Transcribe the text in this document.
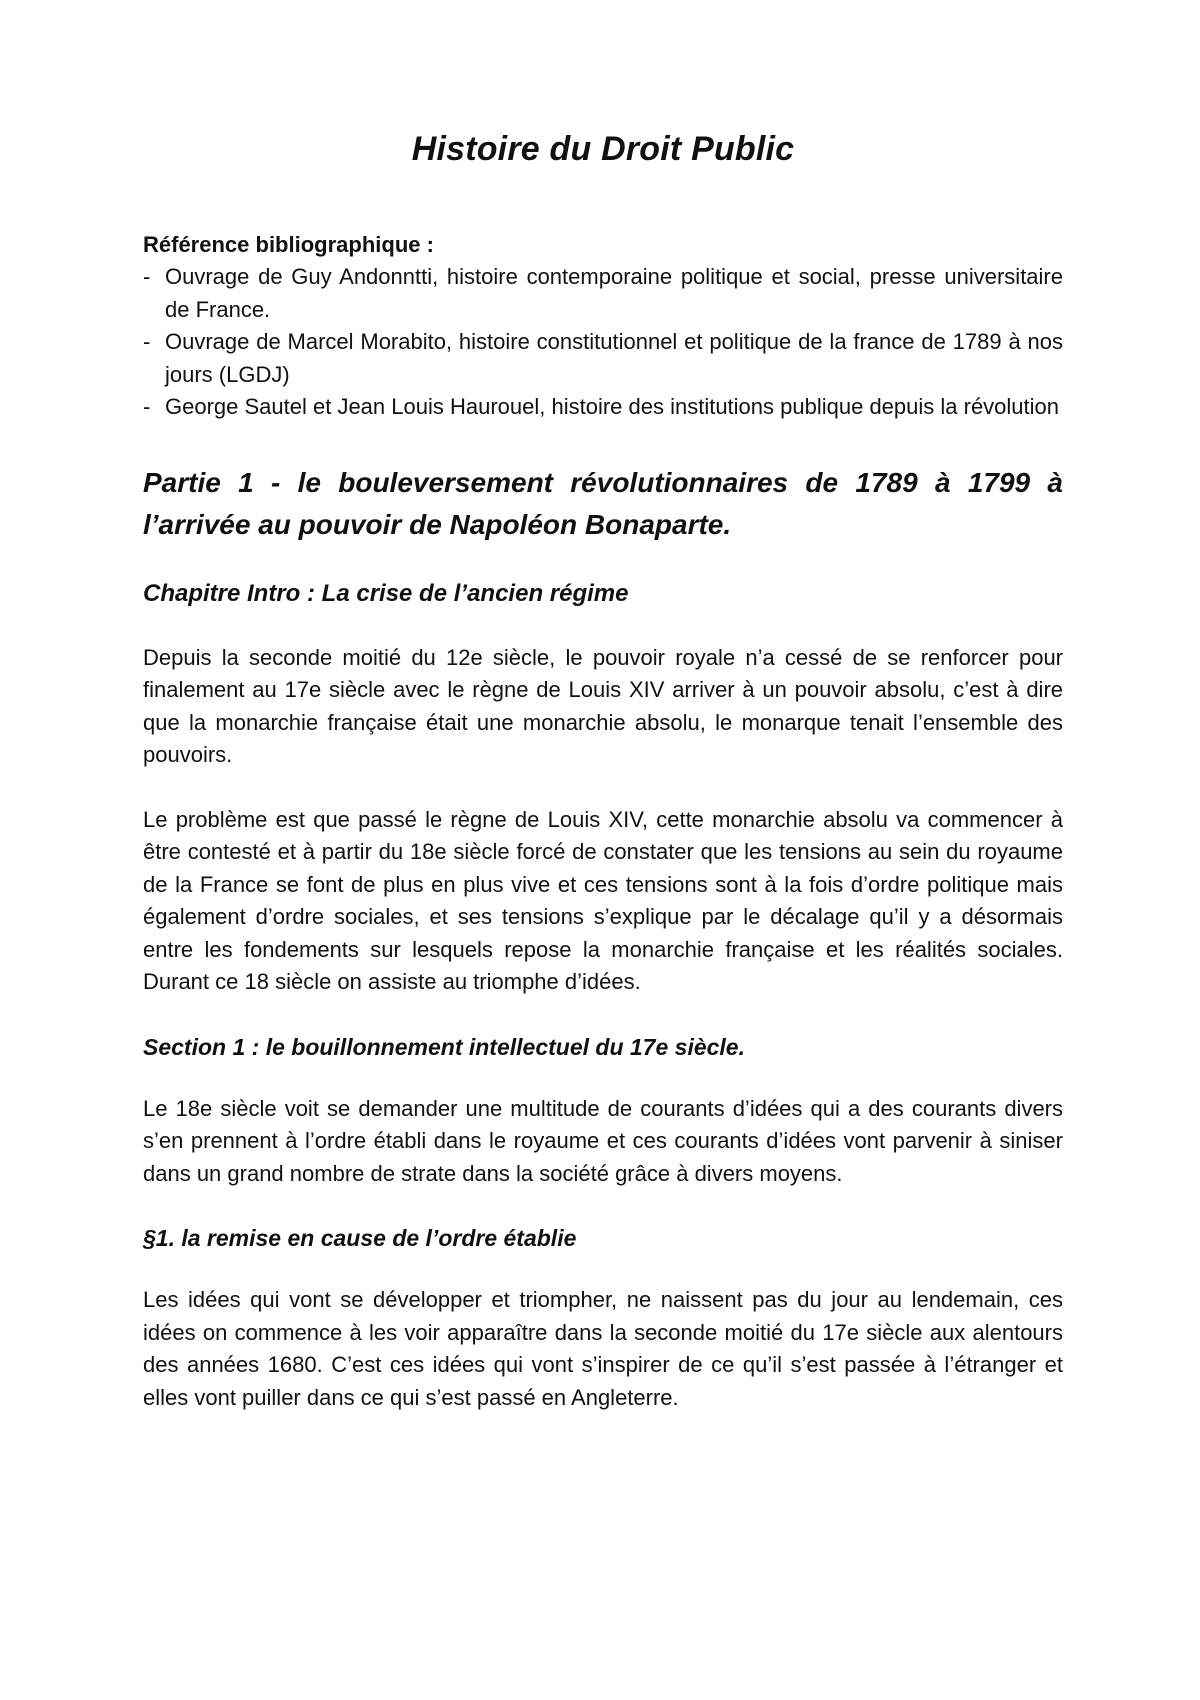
Histoire du Droit Public

Référence bibliographique :

- Ouvrage de Guy Andonntti, histoire contemporaine politique et social, presse universitaire de France.
- Ouvrage de Marcel Morabito, histoire constitutionnel et politique de la france de 1789 à nos jours (LGDJ)
- George Sautel et Jean Louis Haurouel, histoire des institutions publique depuis la révolution
Partie 1 - le bouleversement révolutionnaires de 1789 à 1799 à l’arrivée au pouvoir de Napoléon Bonaparte.
Chapitre Intro : La crise de l’ancien régime

Depuis la seconde moitié du 12e siècle, le pouvoir royale n’a cessé de se renforcer pour finalement au 17e siècle avec le règne de Louis XIV arriver à un pouvoir absolu, c’est à dire que la monarchie française était une monarchie absolu, le monarque tenait l’ensemble des pouvoirs.

Le problème est que passé le règne de Louis XIV, cette monarchie absolu va commencer à être contesté et à partir du 18e siècle forcé de constater que les tensions au sein du royaume de la France se font de plus en plus vive et ces tensions sont à la fois d’ordre politique mais également d’ordre sociales, et ses tensions s’explique par le décalage qu’il y a désormais entre les fondements sur lesquels repose la monarchie française et les réalités sociales. Durant ce 18 siècle on assiste au triomphe d’idées.

Section 1 : le bouillonnement intellectuel du 17e siècle.

Le 18e siècle voit se demander une multitude de courants d’idées qui a des courants divers s’en prennent à l’ordre établi dans le royaume et ces courants d’idées vont parvenir à siniser dans un grand nombre de strate dans la société grâce à divers moyens.

§1. la remise en cause de l’ordre établie

Les idées qui vont se développer et triompher, ne naissent pas du jour au lendemain, ces idées on commence à les voir apparaître dans la seconde moitié du 17e siècle aux alentours des années 1680. C’est ces idées qui vont s’inspirer de ce qu’il s’est passée à l’étranger et elles vont puiller dans ce qui s’est passé en Angleterre.
